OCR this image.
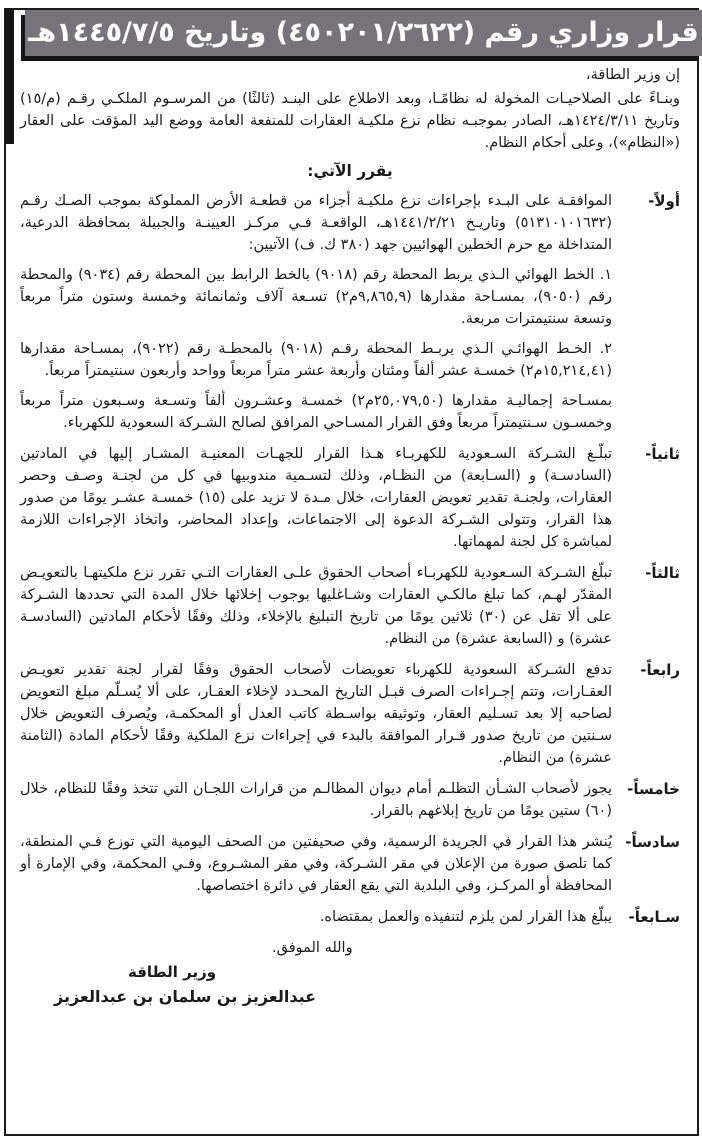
قرار وزاري رقم (٤٥٠٢٠١/٢٦٢٢) وتاريخ ١٤٤٥/٧/٥هـ
إن وزير الطاقة،

وبنـاءً على الصلاحيـات المخولة له نظامًـا، وبعد الاطلاع على البنـد (ثالثًا) من المرسـوم الملكـي رقـم (م/١٥) وتاريخ ١٤٢٤/٣/١١هـ، الصادر بموجبـه نظام نزع ملكيـة العقارات للمنفعة العامة ووضع اليد المؤقت على العقار («النظام»)، وعلى أحكام النظام.

يقرر الآتي:
أولاً-

الموافقـة على البـدء بإجراءات نزع ملكيـة أجزاء من قطعـة الأرض المملوكة بموجب الصـك رقـم (٥١٣١٠١٠١٦٣٢) وتاريـخ ١٤٤١/٢/٢١هـ، الواقعـة فـي مركـز العيينـة والجبيلة بمحافظة الدرعية، المتداخلة مع حرم الخطين الهوائيين جهد (٣٨٠ ك. ف) الآتيين:

١. الخط الهوائي الـذي يربط المحطة رقم (٩٠١٨) بالخط الرابط بين المحطة رقم (٩٠٣٤) والمحطة رقم (٩٠٥٠)، بمسـاحة مقدارها (٩,٨٦٥,٩م٢) تسـعة آلاف وثمانمائة وخمسة وستون متراً مربعاً وتسعة سنتيمترات مربعة.

٢. الخـط الهوائـي الـذي يربـط المحطة رقـم (٩٠١٨) بالمحطـة رقم (٩٠٢٢)، بمسـاحة مقدارها (١٥,٢١٤,٤١م٢) خمسـة عشر ألفاً ومئتان وأربعة عشر متراً مربعاً وواحد وأربعون سنتيمتراً مربعاً.

بمسـاحة إجماليـة مقدارها (٢٥,٠٧٩,٥٠م٢) خمسـة وعشـرون ألفاً وتسـعة وسـبعون متراً مربعاً وخمسـون سـنتيمتراً مربعاً وفق القرار المسـاحي المرافق لصالح الشـركة السعودية للكهرباء.

ثانياً-

تبلّـغ الشـركة السـعودية للكهربـاء هـذا القرار للجهـات المعنيـة المشـار إليها في المادتين (السادسـة) و (السـابعة) من النظـام، وذلك لتسـمية مندوبيها في كل من لجنـة وصـف وحصر العقارات، ولجنـة تقدير تعويض العقارات، خلال مـدة لا تزيد على (١٥) خمسـة عشـر يومًا من صدور هذا القرار، وتتولى الشـركة الدعوة إلى الاجتماعات، وإعداد المحاضر، واتخاذ الإجراءات اللازمة لمباشرة كل لجنة لمهماتها.

ثالثاً-

تبلّغ الشـركة السـعودية للكهربـاء أصحاب الحقوق علـى العقارات التـي تقرر نزع ملكيتهـا بالتعويـض المقدّر لهـم، كما تبلغ مالكـي العقارات وشـاغليها بوجوب إخلائها خلال المدة التي تحددها الشـركة على ألا تقل عن (٣٠) ثلاثين يومًا من تاريخ التبليغ بالإخلاء، وذلك وفقًا لأحكام المادتين (السادسـة عشرة) و (السابعة عشرة) من النظام.

رابعاً-

تدفع الشـركة السعودية للكهرباء تعويضات لأصحاب الحقوق وفقًا لقرار لجنة تقدير تعويـض العقـارات، وتتم إجـراءات الصرف قبـل التاريخ المحـدد لإخلاء العقـار، على ألا يُسـلّم مبلغ التعويض لصاحبه إلا بعد تسـليم العقار، وتوثيقه بواسـطة كاتب العدل أو المحكمـة، ويُصرف التعويض خلال سـنتين من تاريخ صدور قـرار الموافقة بالبدء في إجراءات نزع الملكية وفقًا لأحكام المادة (الثامنة عشرة) من النظام.

خامساً-

يجوز لأصحاب الشـأن التظلـم أمام ديوان المظالـم من قرارات اللجـان التي تتخذ وفقًا للنظام، خلال (٦٠) ستين يومًا من تاريخ إبلاغهم بالقرار.

سادساً-

يُنشر هذا القرار في الجريدة الرسمية، وفي صحيفتين من الصحف اليومية التي توزع فـي المنطقة، كما تلصق صورة من الإعلان في مقر الشـركة، وفي مقر المشـروع، وفـي المحكمة، وفي الإمارة أو المحافظة أو المركـز، وفي البلدية التي يقع العقار في دائرة اختصاصها.

سـابعاً-

يبلّغ هذا القرار لمن يلزم لتنفيذه والعمل بمقتضاه.

والله الموفق.
وزير الطاقة
عبدالعزيز بن سلمان بن عبدالعزيز
